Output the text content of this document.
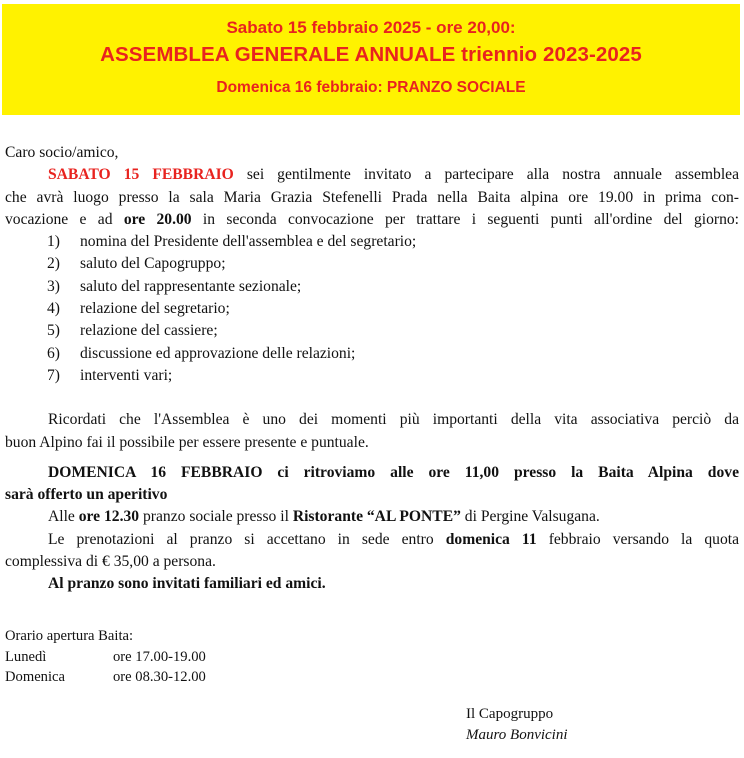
Sabato 15 febbraio 2025 - ore 20,00:
ASSEMBLEA GENERALE ANNUALE triennio 2023-2025
Domenica 16 febbraio: PRANZO SOCIALE

Caro socio/amico,

SABATO 15 FEBBRAIO sei gentilmente invitato a partecipare alla nostra annuale assemblea

che avrà luogo presso la sala Maria Grazia Stefenelli Prada nella Baita alpina ore 19.00 in prima con-

vocazione e ad ore 20.00 in seconda convocazione per trattare i seguenti punti all'ordine del giorno:

1) nomina del Presidente dell'assemblea e del segretario;
2) saluto del Capogruppo;
3) saluto del rappresentante sezionale;
4) relazione del segretario;
5) relazione del cassiere;
6) discussione ed approvazione delle relazioni;
7) interventi vari;

Ricordati che l'Assemblea è uno dei momenti più importanti della vita associativa perciò da

buon Alpino fai il possibile per essere presente e puntuale.

DOMENICA 16 FEBBRAIO ci ritroviamo alle ore 11,00 presso la Baita Alpina dove

sarà offerto un aperitivo

Alle ore 12.30 pranzo sociale presso il Ristorante “AL PONTE” di Pergine Valsugana.

Le prenotazioni al pranzo si accettano in sede entro domenica 11 febbraio versando la quota

complessiva di € 35,00 a persona.

Al pranzo sono invitati familiari ed amici.

Orario apertura Baita:
Lunedì	ore 17.00-19.00
Domenica	ore 08.30-12.00
Il Capogruppo
Mauro Bonvicini
